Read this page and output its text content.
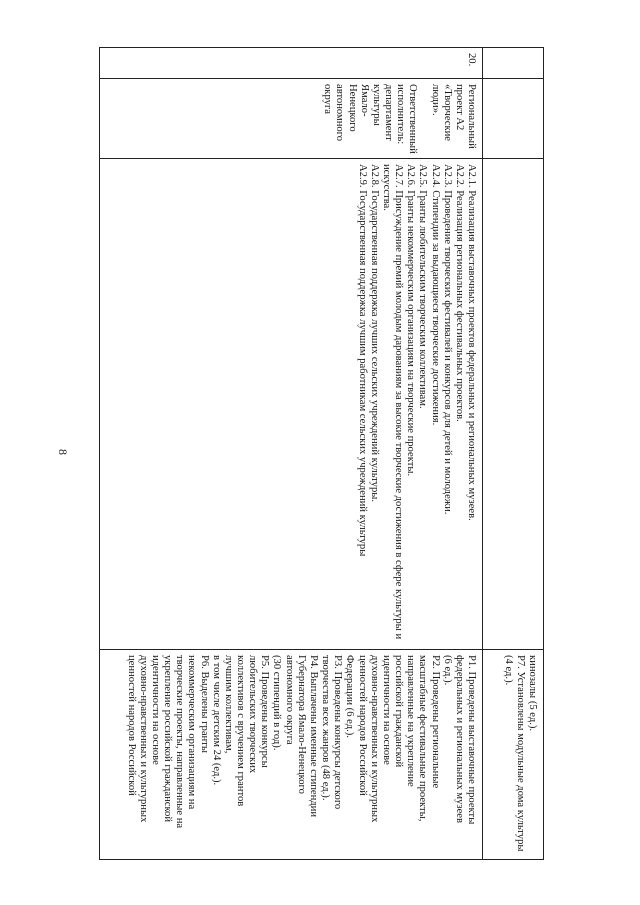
8

кинозалы (5 ед.).

Р7. Установлены модульные дома культуры (4 ед.).

20.

Региональный

проект А2

«Творческие

люди».

Ответственный

исполнитель:

департамент

культуры

Ямало-Ненецкого

автономного

округа

А2.1. Реализация выставочных проектов федеральных и региональных музеев.

А2.2. Реализация региональных фестивальных проектов.

А2.3. Проведение творческих фестивалей и конкурсов для детей и молодежи.

А2.4. Стипендии за выдающиеся творческие достижения.

А2.5. Гранты любительским творческим коллективам.

А2.6. Гранты некоммерческим организациям на творческие проекты.

А2.7. Присуждение премий молодым дарованиям за высокие творческие достижения в сфере культуры и искусства.

А2.8. Государственная поддержка лучших сельских учреждений культуры.

А2.9. Государственная поддержка лучшим работникам сельских учреждений культуры

Р1. Проведены выставочные проекты

федеральных и региональных музеев

(6 ед.).

Р2. Проведены региональные

масштабные фестивальные проекты,

направленные на укрепление

российской гражданской

идентичности на основе

духовно-нравственных и культурных

ценностей народов Российской

Федерации (6 ед.).

Р3. Проведены конкурсы детского

творчества всех жанров (48 ед.).

Р4. Выплачены именные стипендии

Губернатора Ямало-Ненецкого

автономного округа

(30 стипендий в год).

Р5. Проведены конкурсы

любительских творческих

коллективов с вручением грантов

лучшим коллективам,

в том числе детским 24 (ед.).

Р6. Выделены гранты

некоммерческим организациям на

творческие проекты, направленные на

укрепление российской гражданской

идентичности на основе

духовно-нравственных и культурных

ценностей народов Российской
